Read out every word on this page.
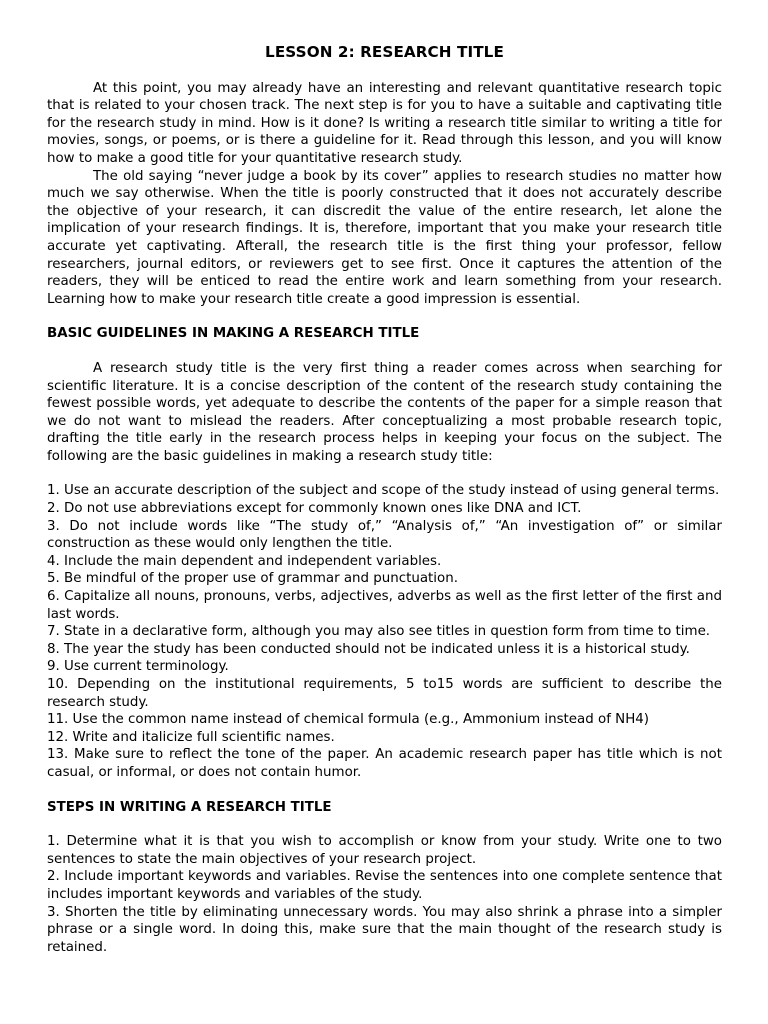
LESSON 2: RESEARCH TITLE

At this point, you may already have an interesting and relevant quantitative research topic that is related to your chosen track. The next step is for you to have a suitable and captivating title for the research study in mind. How is it done? Is writing a research title similar to writing a title for movies, songs, or poems, or is there a guideline for it. Read through this lesson, and you will know how to make a good title for your quantitative research study.

The old saying “never judge a book by its cover” applies to research studies no matter how much we say otherwise. When the title is poorly constructed that it does not accurately describe the objective of your research, it can discredit the value of the entire research, let alone the implication of your research findings. It is, therefore, important that you make your research title accurate yet captivating. Afterall, the research title is the first thing your professor, fellow researchers, journal editors, or reviewers get to see first. Once it captures the attention of the readers, they will be enticed to read the entire work and learn something from your research. Learning how to make your research title create a good impression is essential.

BASIC GUIDELINES IN MAKING A RESEARCH TITLE

A research study title is the very first thing a reader comes across when searching for scientific literature. It is a concise description of the content of the research study containing the fewest possible words, yet adequate to describe the contents of the paper for a simple reason that we do not want to mislead the readers. After conceptualizing a most probable research topic, drafting the title early in the research process helps in keeping your focus on the subject. The following are the basic guidelines in making a research study title:

1. Use an accurate description of the subject and scope of the study instead of using general terms.
2. Do not use abbreviations except for commonly known ones like DNA and ICT.
3. Do not include words like “The study of,” “Analysis of,” “An investigation of” or similar construction as these would only lengthen the title.
4. Include the main dependent and independent variables.
5. Be mindful of the proper use of grammar and punctuation.
6. Capitalize all nouns, pronouns, verbs, adjectives, adverbs as well as the first letter of the first and last words.
7. State in a declarative form, although you may also see titles in question form from time to time.
8. The year the study has been conducted should not be indicated unless it is a historical study.
9. Use current terminology.
10. Depending on the institutional requirements, 5 to15 words are sufficient to describe the research study.
11. Use the common name instead of chemical formula (e.g., Ammonium instead of NH4)
12. Write and italicize full scientific names.
13. Make sure to reflect the tone of the paper. An academic research paper has title which is not casual, or informal, or does not contain humor.
STEPS IN WRITING A RESEARCH TITLE
1. Determine what it is that you wish to accomplish or know from your study. Write one to two sentences to state the main objectives of your research project.
2. Include important keywords and variables. Revise the sentences into one complete sentence that includes important keywords and variables of the study.
3. Shorten the title by eliminating unnecessary words. You may also shrink a phrase into a simpler phrase or a single word. In doing this, make sure that the main thought of the research study is retained.
